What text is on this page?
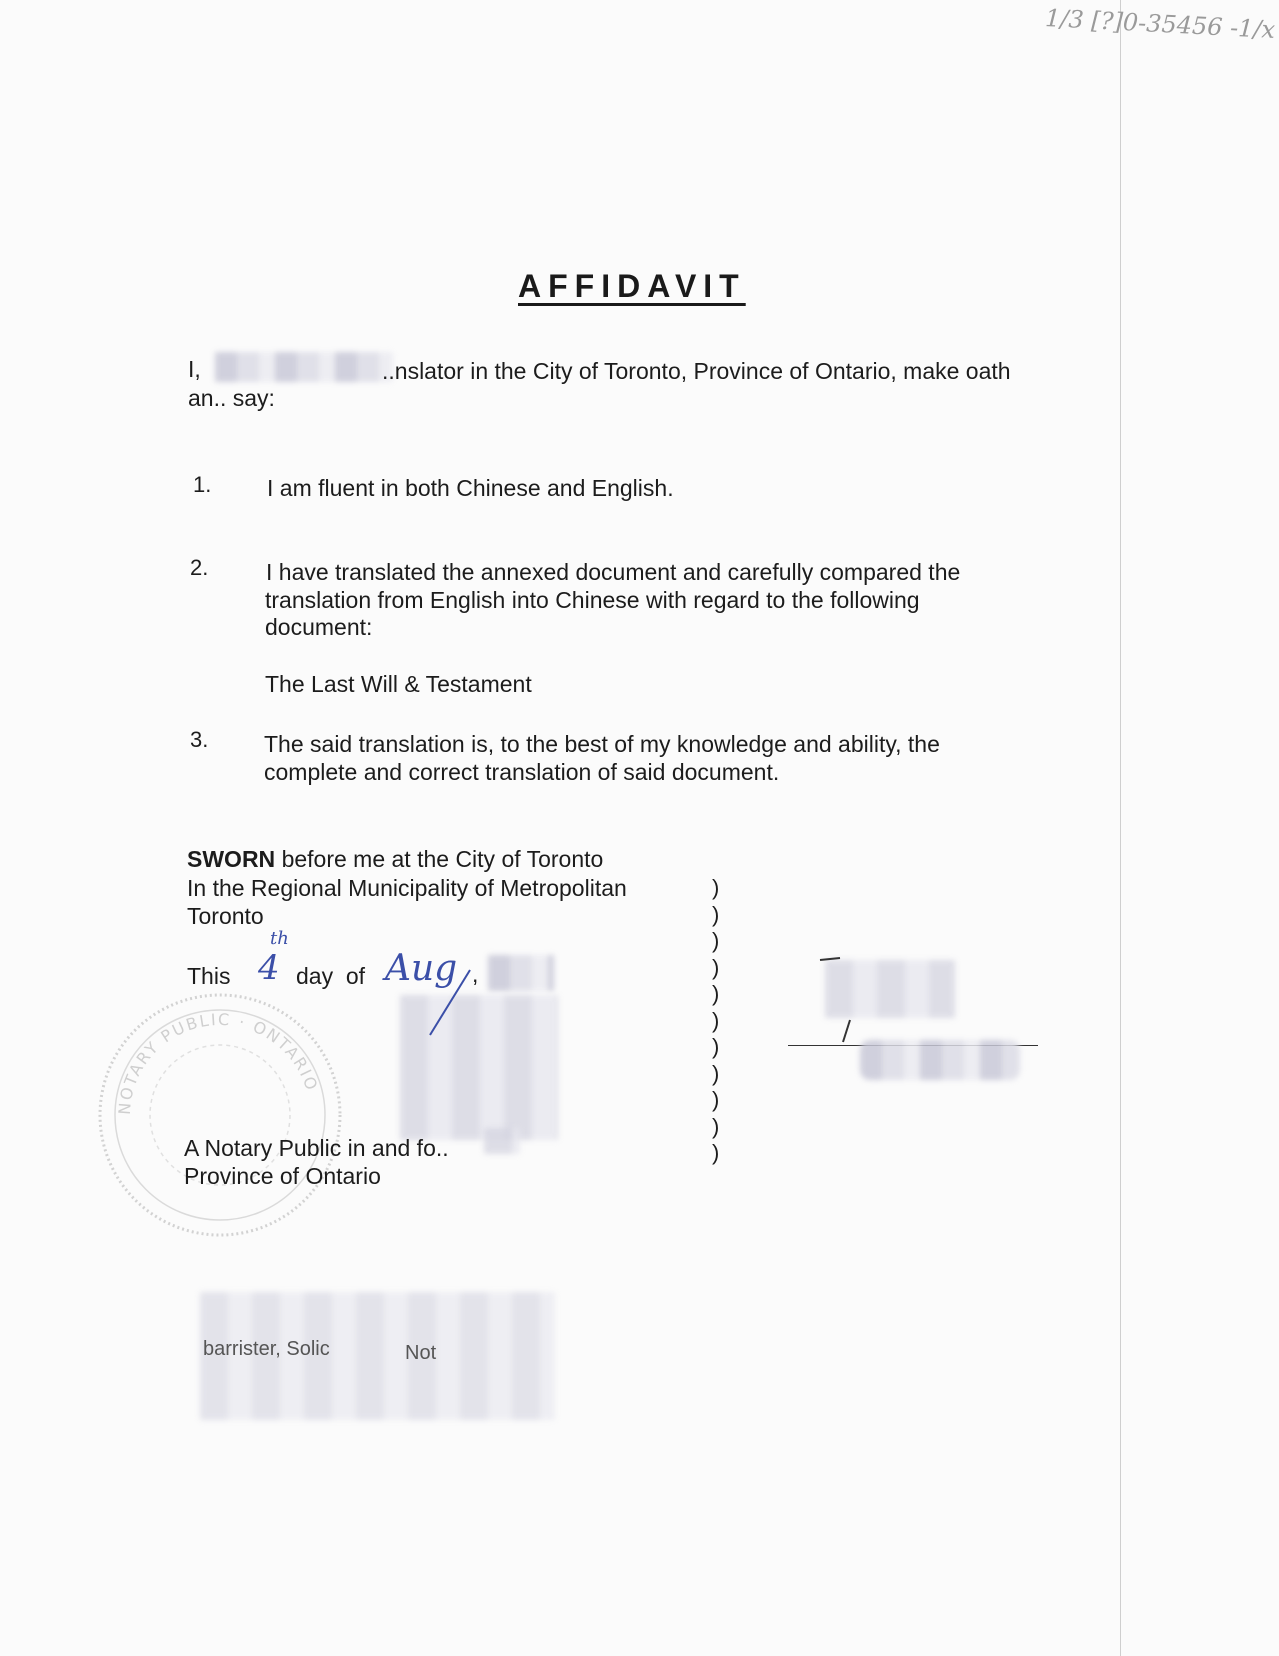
1/3 [?]0-35456 -1/x
AFFIDAVIT
I,	..nslator in the City of Toronto, Province of Ontario, make oath
a​n.. say:
1. I am fluent in both Chinese and English.
2.	I have translated the annexed document and carefully compared the
translation from English into Chinese with regard to the following
document:
The Last Will & Testament
3. The said translation is, to the best of my knowledge and ability, the
complete and correct translation of said document.
SWORN before me at the City of Toronto
In the Regional Municipality of Metropolitan
Toronto
This 4
th
day  of Aug ,
NOTARY PUBLIC · ONTARIO
A Notary Public in and fo..
Province of Ontario
)
)
)
)
)
)
)
)
)
)
)
barrister, Solic	Not
